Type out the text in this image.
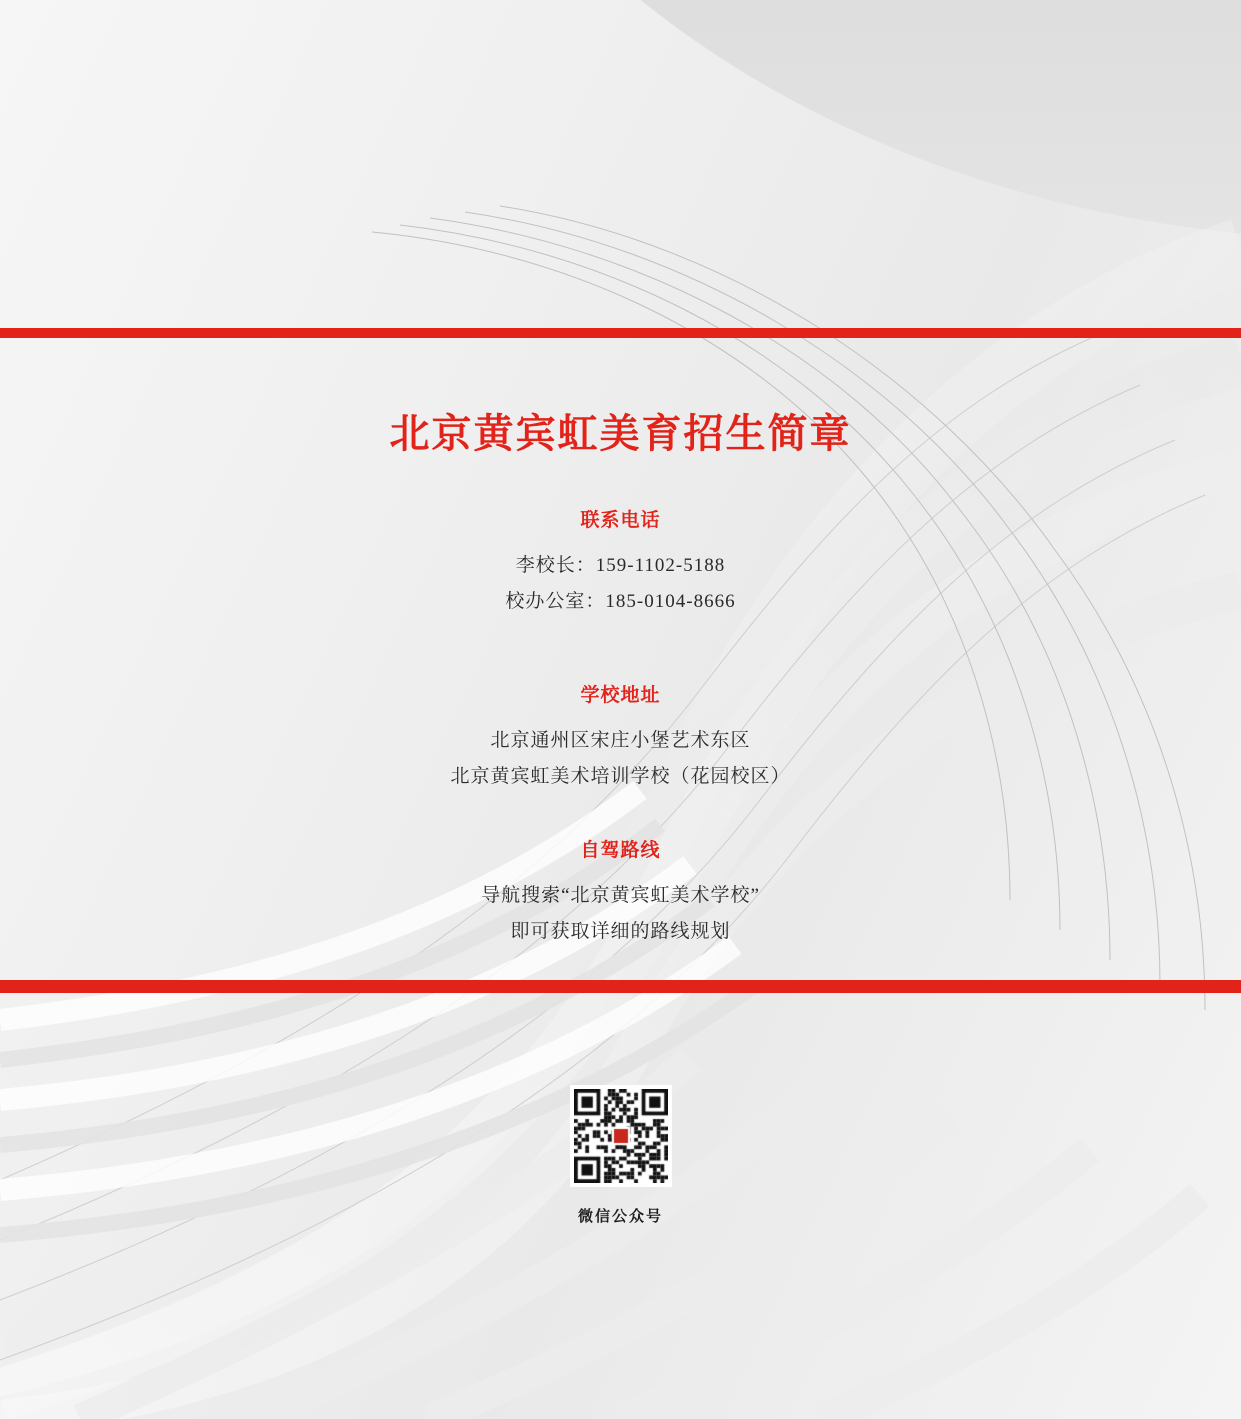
北京黄宾虹美育招生简章
联系电话
李校长：159-1102-5188
校办公室：185-0104-8666
学校地址
北京通州区宋庄小堡艺术东区
北京黄宾虹美术培训学校（花园校区）
自驾路线
导航搜索“北京黄宾虹美术学校”
即可获取详细的路线规划
微信公众号
